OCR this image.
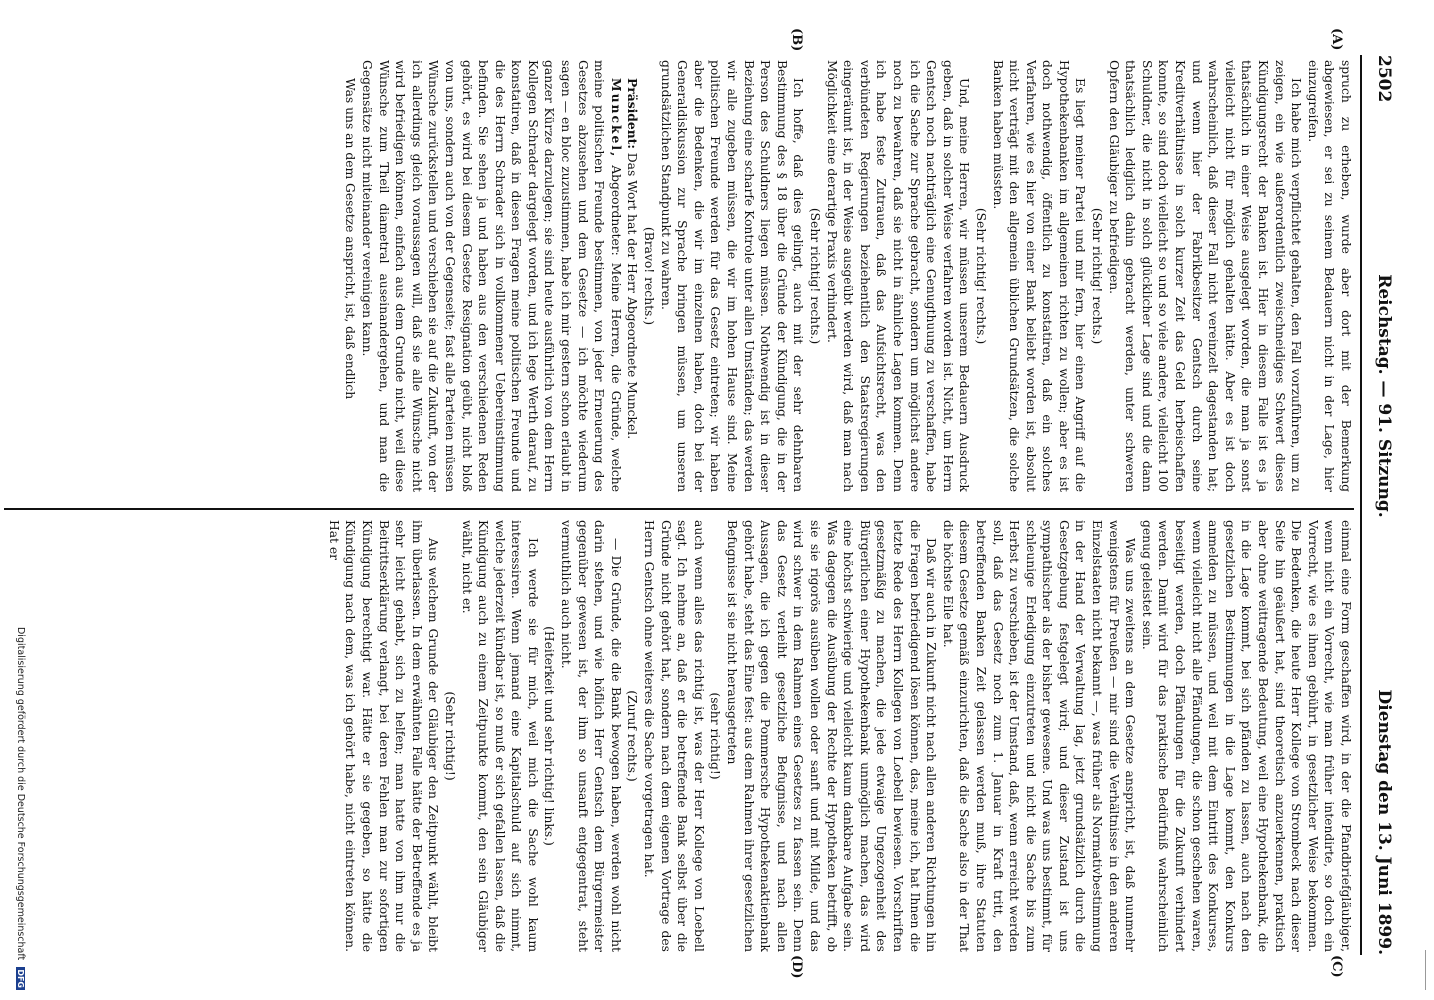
2502
Reichstag. — 91. Sitzung.
Dienstag den 13. Juni 1899.
(A)
(B)
(C)
(D)

spruch zu erheben, wurde aber dort mit der Bemerkung abgewiesen, er sei zu seinem Bedauern nicht in der Lage, hier einzugreifen.

Ich habe mich verpflichtet gehalten, den Fall vorzuführen, um zu zeigen, ein wie außerordentlich zweischneidiges Schwert dieses Kündigungsrecht der Banken ist. Hier in diesem Falle ist es ja thatsächlich in einer Weise ausgelegt worden, die man ja sonst vielleicht nicht für möglich gehalten hätte. Aber es ist doch wahrscheinlich, daß dieser Fall nicht vereinzelt dagestanden hat; und wenn hier der Fabrikbesitzer Gentsch durch seine Kreditverhältnisse in solch kurzer Zeit das Geld herbeischaffen konnte, so sind doch vielleicht so und so viele andere, vielleicht 100 Schuldner, die nicht in solch glücklicher Lage sind und die dann thatsächlich lediglich dahin gebracht werden, unter schweren Opfern den Gläubiger zu befriedigen.

(Sehr richtig! rechts.)

Es liegt meiner Partei und mir fern, hier einen Angriff auf die Hypothekenbanken im allgemeinen richten zu wollen; aber es ist doch nothwendig, öffentlich zu konstatiren, daß ein solches Verfahren, wie es hier von einer Bank beliebt worden ist, absolut nicht verträgt mit den allgemein üblichen Grundsätzen, die solche Banken haben müssten.

(Sehr richtig! rechts.)

Und, meine Herren, wir müssen unserem Bedauern Ausdruck geben, daß in solcher Weise verfahren worden ist. Nicht, um Herrn Gentsch noch nachträglich eine Genugthuung zu verschaffen, habe ich die Sache zur Sprache gebracht, sondern um möglichst andere noch zu bewahren, daß sie nicht in ähnliche Lagen kommen. Denn ich habe feste Zutrauen, daß das Aufsichtsrecht, was den verbündeten Regierungen beziehentlich den Staatsregierungen eingeräumt ist, in der Weise ausgeübt werden wird, daß man nach Möglichkeit eine derartige Praxis verhindert.

(Sehr richtig! rechts.)

Ich hoffe, daß dies gelingt, auch mit der sehr dehnbaren Bestimmung des § 18 über die Gründe der Kündigung, die in der Person des Schuldners liegen müssen. Nothwendig ist in dieser Beziehung eine scharfe Kontrole unter allen Umständen; das werden wir alle zugeben müssen, die wir im hohen Hause sind. Meine politischen Freunde werden für das Gesetz eintreten; wir haben aber die Bedenken, die wir im einzelnen haben, doch bei der Generaldiskussion zur Sprache bringen müssen, um unseren grundsätzlichen Standpunkt zu wahren.

(Bravo! rechts.)

Präsident: Das Wort hat der Herr Abgeordnete Munckel.

Munckel, Abgeordneter: Meine Herren, die Gründe, welche meine politischen Freunde bestimmen, von jeder Erneuerung des Gesetzes abzusehen und dem Gesetze — ich möchte wiederum sagen — en bloc zuzustimmen, habe ich mir gestern schon erlaubt in ganzer Kürze darzulegen; sie sind heute ausführlich von dem Herrn Kollegen Schrader dargelegt worden, und ich lege Werth darauf, zu konstatiren, daß in diesen Fragen meine politischen Freunde und die des Herrn Schrader sich in vollkommener Uebereinstimmung befinden. Sie sehen ja und haben aus den verschiedenen Reden gehört, es wird bei diesem Gesetze Resignation geübt, nicht bloß von uns, sondern auch von der Gegenseite; fast alle Parteien müssen Wünsche zurückstellen und verschieben sie auf die Zukunft, von der ich allerdings gleich voraussagen will, daß sie alle Wünsche nicht wird befriedigen können, einfach aus dem Grunde nicht, weil diese Wünsche zum Theil diametral auseinandergehen, und man die Gegensätze nicht miteinander vereinigen kann.

Was uns an dem Gesetze anspricht, ist, daß endlich

einmal eine Form geschaffen wird, in der die Pfandbriefgläubiger, wenn nicht ein Vorrecht, wie man früher intendirte, so doch ein Vorrecht, wie es ihnen gebührt, in gesetzlicher Weise bekommen. Die Bedenken, die heute Herr Kollege von Strombeck nach dieser Seite hin geäußert hat, sind theoretisch anzuerkennen, praktisch aber ohne weittragende Bedeutung, weil eine Hypothekenbank, die in die Lage kommt, bei sich pfänden zu lassen, auch nach den gesetzlichen Bestimmungen in die Lage kommt, den Konkurs anmelden zu müssen, und weil mit dem Eintritt des Konkurses, wenn vielleicht nicht alle Pfändungen, die schon geschehen waren, beseitigt werden, doch Pfändungen für die Zukunft verhindert werden. Damit wird für das praktische Bedürfniß wahrscheinlich genug geleistet sein.

Was uns zweitens an dem Gesetze anspricht, ist, daß nunmehr wenigstens für Preußen — mir sind die Verhältnisse in den anderen Einzelstaaten nicht bekannt —, was früher als Normativbestimmung in der Hand der Verwaltung lag, jetzt grundsätzlich durch die Gesetzgebung festgelegt wird; und dieser Zustand ist uns sympathischer als der bisher gewesene. Und was uns bestimmt, für schleunige Erledigung einzutreten und nicht die Sache bis zum Herbst zu verschieben, ist der Umstand, daß, wenn erreicht werden soll, daß das Gesetz noch zum 1. Januar in Kraft tritt, den betreffenden Banken Zeit gelassen werden muß, ihre Statuten diesem Gesetze gemäß einzurichten, daß die Sache also in der That die höchste Eile hat.

Daß wir auch in Zukunft nicht nach allen anderen Richtungen hin die Fragen befriedigend lösen können, das, meine ich, hat Ihnen die letzte Rede des Herrn Kollegen von Loebell bewiesen. Vorschriften gesetzmäßig zu machen, die jede etwaige Ungezogenheit des Bürgerlichen einer Hypothekenbank unmöglich machen, das wird eine höchst schwierige und vielleicht kaum dankbare Aufgabe sein. Was dagegen die Ausübung der Rechte der Hypotheken betrifft, ob sie sie rigorös ausüben wollen oder sanft und mit Milde, und das wird schwer in dem Rahmen eines Gesetzes zu fassen sein. Denn das Gesetz verleiht gesetzliche Befugnisse, und nach allen Aussagen, die ich gegen die Pommersche Hypothekenaktienbank gehört habe, steht das Eine fest: aus dem Rahmen ihrer gesetzlichen Befugnisse ist sie nicht herausgetreten

(sehr richtig!)

auch wenn alles das richtig ist, was der Herr Kollege von Loebell sagt. Ich nehme an, daß er die betreffende Bank selbst über die Gründe nicht gehört hat, sondern nach dem eigenen Vortrage des Herrn Gentsch ohne weiteres die Sache vorgetragen hat.

(Zuruf rechts.)

— Die Gründe, die die Bank bewogen haben, werden wohl nicht darin stehen, und wie höflich Herr Gentsch dem Bürgermeister gegenüber gewesen ist, der ihm so unsanft entgegentrat, steht vermuthlich auch nicht.

(Heiterkeit und sehr richtig! links.)

Ich werde sie für mich, weil mich die Sache wohl kaum interessiren. Wenn jemand eine Kapitalschuld auf sich nimmt, welche jederzeit kündbar ist, so muß er sich gefallen lassen, daß die Kündigung auch zu einem Zeitpunkte kommt, den sein Gläubiger wählt, nicht er.

(Sehr richtig!)

Aus welchem Grunde der Gläubiger den Zeitpunkt wählt, bleibt ihm überlassen. In dem erwähnten Falle hätte der Betreffende es ja sehr leicht gehabt, sich zu helfen; man hatte von ihm nur die Beitrittserklärung verlangt, bei deren Fehlen man zur sofortigen Kündigung berechtigt war. Hätte er sie gegeben, so hätte die Kündigung nach dem, was ich gehört habe, nicht eintreten können. Hat er

Digitalisierung gefördert durch die Deutsche Forschungsgemeinschaft DFG
